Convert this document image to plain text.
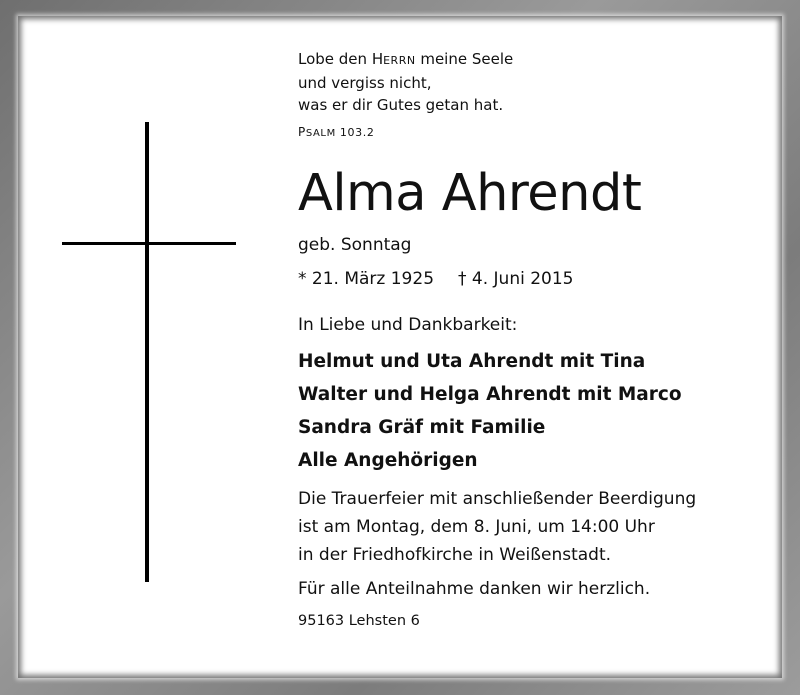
Lobe den HERRN meine Seele
und vergiss nicht,
was er dir Gutes getan hat.
PSALM 103.2
Alma Ahrendt
geb. Sonntag
* 21. März 1925 † 4. Juni 2015
In Liebe und Dankbarkeit:
Helmut und Uta Ahrendt mit Tina
Walter und Helga Ahrendt mit Marco
Sandra Gräf mit Familie
Alle Angehörigen
Die Trauerfeier mit anschließender Beerdigung
ist am Montag, dem 8. Juni, um 14:00 Uhr
in der Friedhofkirche in Weißenstadt.
Für alle Anteilnahme danken wir herzlich.
95163 Lehsten 6
